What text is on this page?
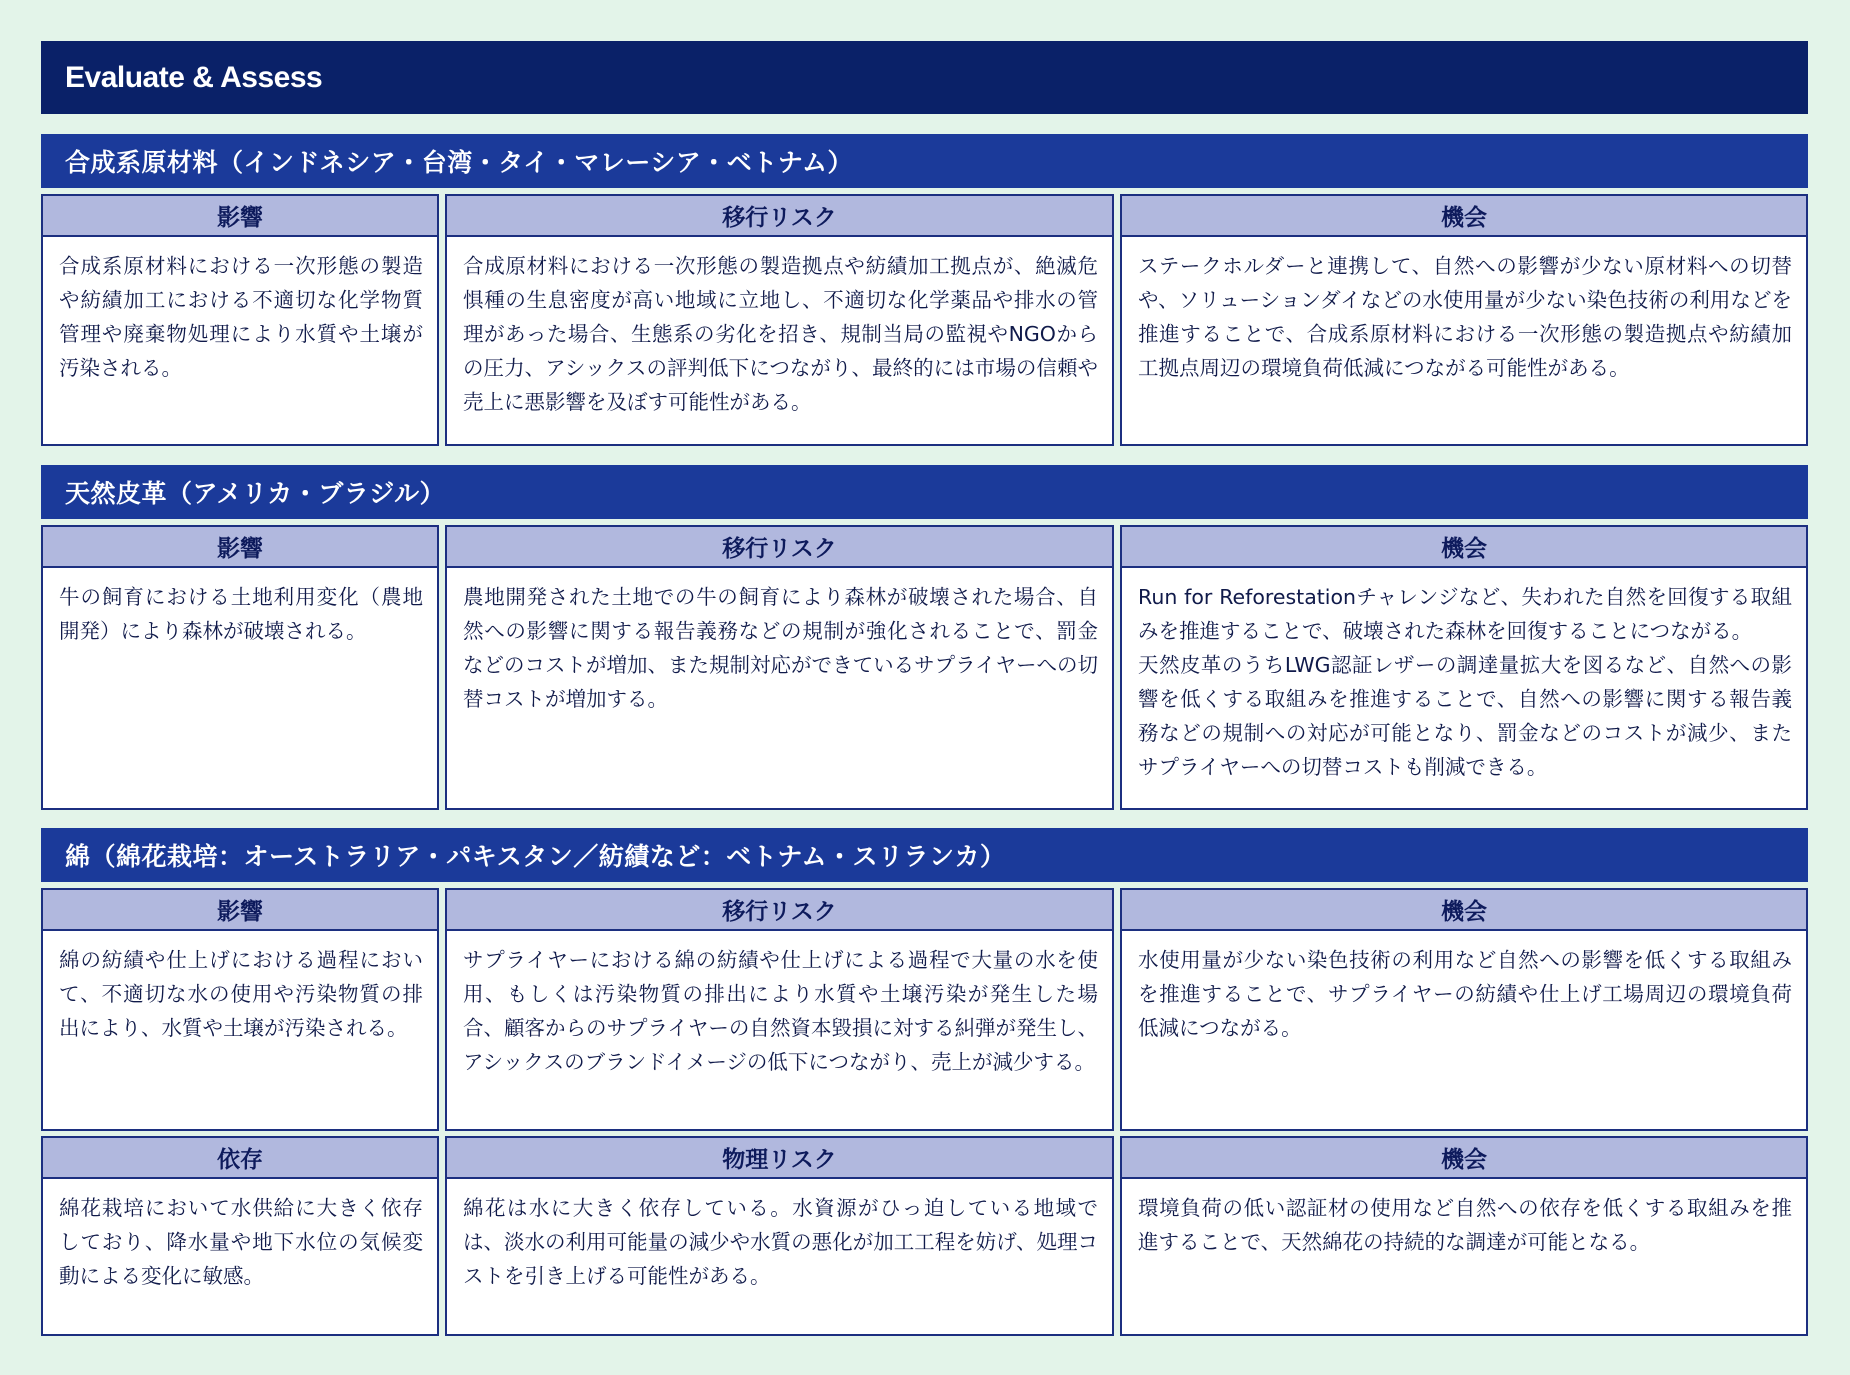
Evaluate & Assess
合成系原材料（インドネシア・台湾・タイ・マレーシア・ベトナム）
影響

合成系原材料における一次形態の製造や紡績加工における不適切な化学物質管理や廃棄物処理により水質や土壌が汚染される。

移行リスク

合成原材料における一次形態の製造拠点や紡績加工拠点が、絶滅危惧種の生息密度が高い地域に立地し、不適切な化学薬品や排水の管理があった場合、生態系の劣化を招き、規制当局の監視やNGOからの圧力、アシックスの評判低下につながり、最終的には市場の信頼や売上に悪影響を及ぼす可能性がある。

機会

ステークホルダーと連携して、自然への影響が少ない原材料への切替や、ソリューションダイなどの水使用量が少ない染色技術の利用などを推進することで、合成系原材料における一次形態の製造拠点や紡績加工拠点周辺の環境負荷低減につながる可能性がある。

天然皮革（アメリカ・ブラジル）
影響

牛の飼育における土地利用変化（農地開発）により森林が破壊される。

移行リスク

農地開発された土地での牛の飼育により森林が破壊された場合、自然への影響に関する報告義務などの規制が強化されることで、罰金などのコストが増加、また規制対応ができているサプライヤーへの切替コストが増加する。

機会

Run for Reforestationチャレンジなど、失われた自然を回復する取組みを推進することで、破壊された森林を回復することにつながる。

天然皮革のうちLWG認証レザーの調達量拡大を図るなど、自然への影響を低くする取組みを推進することで、自然への影響に関する報告義務などの規制への対応が可能となり、罰金などのコストが減少、またサプライヤーへの切替コストも削減できる。

綿（綿花栽培：オーストラリア・パキスタン／紡績など：ベトナム・スリランカ）
影響

綿の紡績や仕上げにおける過程において、不適切な水の使用や汚染物質の排出により、水質や土壌が汚染される。

移行リスク

サプライヤーにおける綿の紡績や仕上げによる過程で大量の水を使用、もしくは汚染物質の排出により水質や土壌汚染が発生した場合、顧客からのサプライヤーの自然資本毀損に対する糾弾が発生し、アシックスのブランドイメージの低下につながり、売上が減少する。

機会

水使用量が少ない染色技術の利用など自然への影響を低くする取組みを推進することで、サプライヤーの紡績や仕上げ工場周辺の環境負荷低減につながる。

依存

綿花栽培において水供給に大きく依存しており、降水量や地下水位の気候変動による変化に敏感。

物理リスク

綿花は水に大きく依存している。水資源がひっ迫している地域では、淡水の利用可能量の減少や水質の悪化が加工工程を妨げ、処理コストを引き上げる可能性がある。

機会

環境負荷の低い認証材の使用など自然への依存を低くする取組みを推進することで、天然綿花の持続的な調達が可能となる。
